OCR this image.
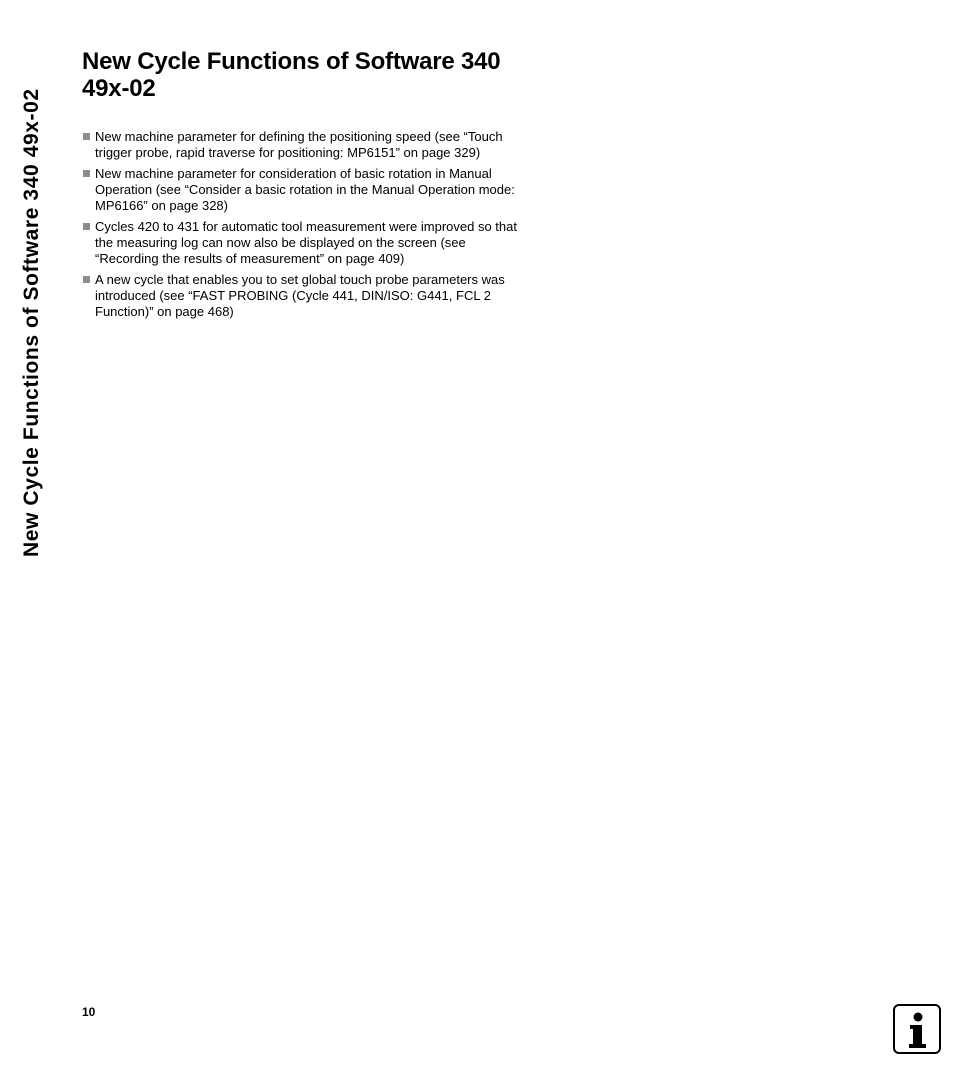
New Cycle Functions of Software 340 49x-02
New Cycle Functions of Software 340 49x-02
New machine parameter for defining the positioning speed (see “Touch trigger probe, rapid traverse for positioning: MP6151” on page 329)
New machine parameter for consideration of basic rotation in Manual Operation (see “Consider a basic rotation in the Manual Operation mode: MP6166” on page 328)
Cycles 420 to 431 for automatic tool measurement were improved so that the measuring log can now also be displayed on the screen (see “Recording the results of measurement” on page 409)
A new cycle that enables you to set global touch probe parameters was introduced (see “FAST PROBING (Cycle 441, DIN/ISO: G441, FCL 2 Function)” on page 468)
10
